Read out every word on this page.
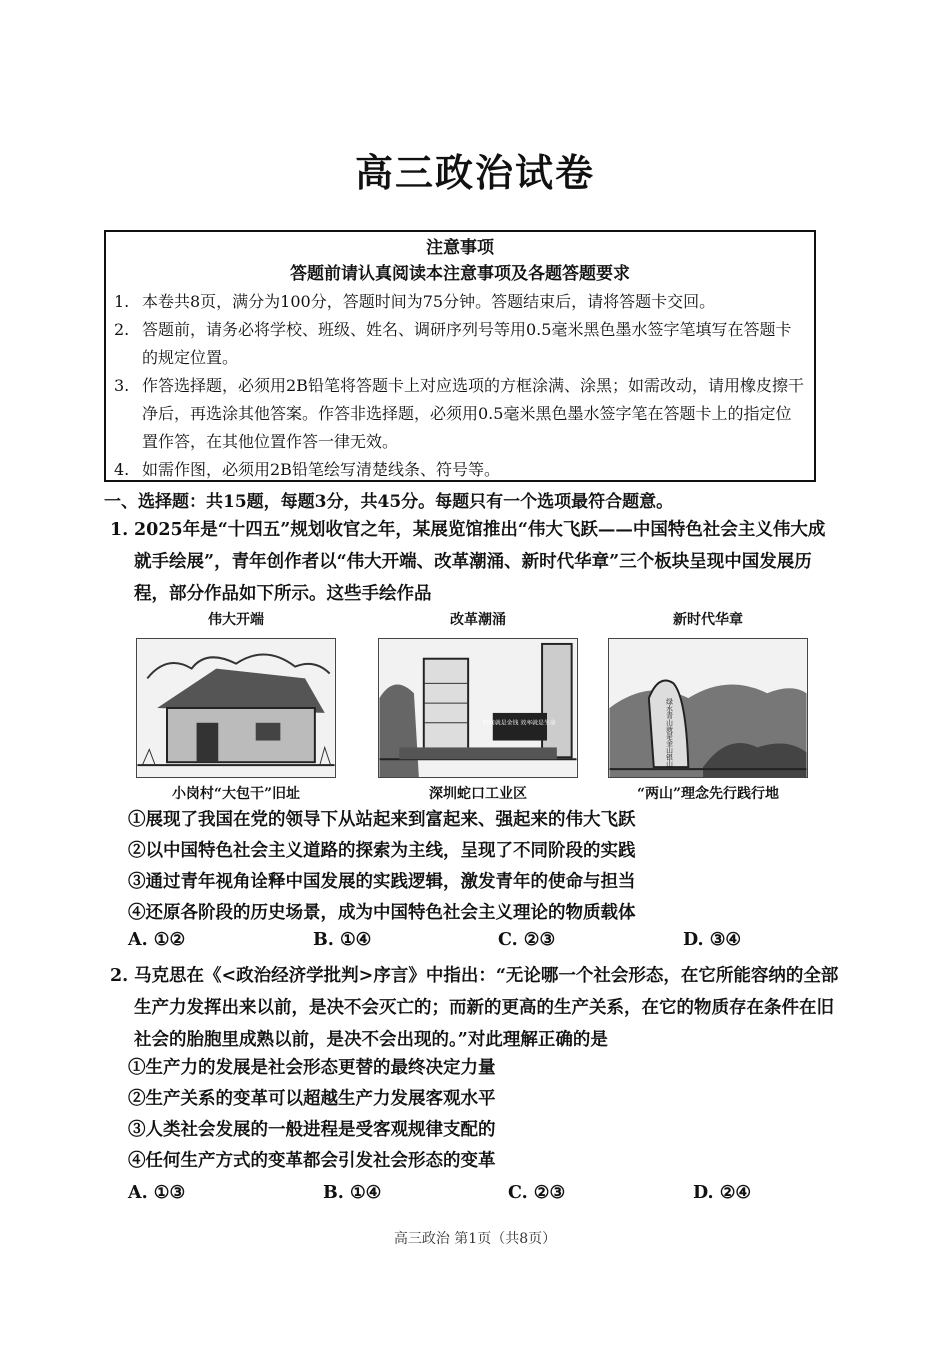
高三政治试卷
注意事项
答题前请认真阅读本注意事项及各题答题要求
1. 本卷共8页，满分为100分，答题时间为75分钟。答题结束后，请将答题卡交回。
2. 答题前，请务必将学校、班级、姓名、调研序列号等用0.5毫米黑色墨水签字笔填写在答题卡的规定位置。
3. 作答选择题，必须用2B铅笔将答题卡上对应选项的方框涂满、涂黑；如需改动，请用橡皮擦干净后，再选涂其他答案。作答非选择题，必须用0.5毫米黑色墨水签字笔在答题卡上的指定位置作答，在其他位置作答一律无效。
4. 如需作图，必须用2B铅笔绘写清楚线条、符号等。
一、选择题：共15题，每题3分，共45分。每题只有一个选项最符合题意。
1. 2025年是“十四五”规划收官之年，某展览馆推出“伟大飞跃——中国特色社会主义伟大成就手绘展”，青年创作者以“伟大开端、改革潮涌、新时代华章”三个板块呈现中国发展历程，部分作品如下所示。这些手绘作品
伟大开端
小岗村“大包干”旧址
改革潮涌
时间就是金钱 效率就是生命
深圳蛇口工业区
新时代华章
绿水青山就是金山银山
“两山”理念先行践行地
①展现了我国在党的领导下从站起来到富起来、强起来的伟大飞跃
②以中国特色社会主义道路的探索为主线，呈现了不同阶段的实践
③通过青年视角诠释中国发展的实践逻辑，激发青年的使命与担当
④还原各阶段的历史场景，成为中国特色社会主义理论的物质载体
A. ①②	B. ①④	C. ②③	D. ③④
2. 马克思在《<政治经济学批判>序言》中指出：“无论哪一个社会形态，在它所能容纳的全部生产力发挥出来以前，是决不会灭亡的；而新的更高的生产关系，在它的物质存在条件在旧社会的胎胞里成熟以前，是决不会出现的。”对此理解正确的是
①生产力的发展是社会形态更替的最终决定力量
②生产关系的变革可以超越生产力发展客观水平
③人类社会发展的一般进程是受客观规律支配的
④任何生产方式的变革都会引发社会形态的变革
A. ①③	B. ①④	C. ②③	D. ②④
高三政治 第1页（共8页）
